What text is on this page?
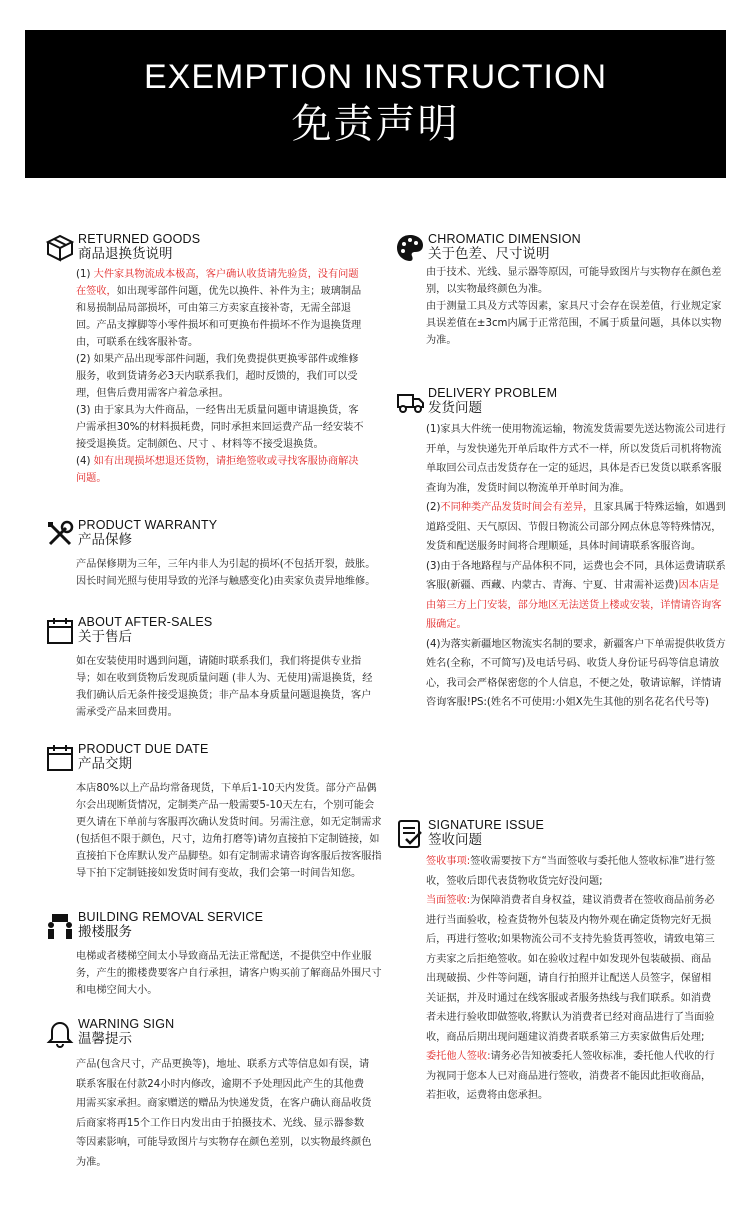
EXEMPTION INSTRUCTION
免责声明
RETURNED GOODS
商品退换货说明

(1) 大件家具物流成本极高，客户确认收货请先验货，没有问题在签收，如出现零部件问题，优先以换件、补件为主；玻璃制品和易损制品局部损坏，可由第三方卖家直接补寄，无需全部退回。产品支撑脚等小零件损坏和可更换布件损坏不作为退换货理由，可联系在线客服补寄。

(2) 如果产品出现零部件问题，我们免费提供更换零部件或维修服务，收到货请务必3天内联系我们，超时反馈的，我们可以受理，但售后费用需客户着急承担。

(3) 由于家具为大件商品，一经售出无质量问题申请退换货，客户需承担30%的材料损耗费，同时承担来回运费产品一经安装不接受退换货。定制颜色、尺寸 、材料等不接受退换货。

(4) 如有出现损坏想退还货物，请拒绝签收或寻找客服协商解决问题。

PRODUCT WARRANTY
产品保修

产品保修期为三年，三年内非人为引起的损坏(不包括开裂，鼓胀。因长时间光照与使用导致的光泽与触感变化)由卖家负责异地维修。

ABOUT AFTER-SALES
关于售后

如在安装使用时遇到问题，请随时联系我们，我们将提供专业指导；如在收到货物后发现质量问题 (非人为、无使用)需退换货，经我们确认后无条件接受退换货；非产品本身质量问题退换货，客户需承受产品来回费用。

PRODUCT DUE DATE
产品交期

本店80%以上产品均常备现货，下单后1-10天内发货。部分产品偶尔会出现断货情况，定制类产品一般需要5-10天左右，个别可能会更久请在下单前与客服再次确认发货时间。另需注意，如无定制需求(包括但不限于颜色，尺寸，边角打磨等)请勿直接拍下定制链接，如直接拍下仓库默认发产品脚垫。如有定制需求请咨询客服后按客服指导下拍下定制链接如发货时间有变故，我们会第一时间告知您。

BUILDING REMOVAL SERVICE
搬楼服务

电梯或者楼梯空间太小导致商品无法正常配送，不提供空中作业服务，产生的搬楼费要客户自行承担，请客户购买前了解商品外围尺寸和电梯空间大小。

WARNING SIGN
温馨提示

产品(包含尺寸，产品更换等)，地址、联系方式等信息如有误，请联系客服在付款24小时内修改，逾期不予处理因此产生的其他费用需买家承担。商家赠送的赠品为快递发货，在客户确认商品收货后商家将再15个工作日内发出由于拍摄技术、光线、显示器参数等因素影响，可能导致图片与实物存在颜色差别，以实物最终颜色为准。

CHROMATIC DIMENSION
关于色差、尺寸说明

由于技术、光线、显示器等原因，可能导致图片与实物存在颜色差别，以实物最终颜色为准。

由于测量工具及方式等因素，家具尺寸会存在误差值，行业规定家具误差值在±3cm内属于正常范围，不属于质量问题，具体以实物为准。

DELIVERY PROBLEM
发货问题

(1)家具大件统一使用物流运输，物流发货需要先送达物流公司进行开单，与发快递先开单后取件方式不一样，所以发货后司机将物流单取回公司点击发货存在一定的延迟，具体是否已发货以联系客服查询为准，发货时间以物流单开单时间为准。

(2)不同种类产品发货时间会有差异，且家具属于特殊运输，如遇到道路受阻、天气原因、节假日物流公司部分网点休息等特殊情况，发货和配送服务时间将合理顺延，具体时间请联系客服咨询。

(3)由于各地路程与产品体积不同，运费也会不同，具体运费请联系客服(新疆、西藏、内蒙古、青海、宁夏、甘肃需补运费)因本店是由第三方上门安装，部分地区无法送货上楼或安装，详情请咨询客服确定。

(4)为落实新疆地区物流实名制的要求，新疆客户下单需提供收货方姓名(全称，不可简写)及电话号码、收货人身份证号码等信息请放心，我司会严格保密您的个人信息，不便之处，敬请谅解，详情请咨询客服!PS:(姓名不可使用:小姐X先生其他的别名花名代号等)

SIGNATURE ISSUE
签收问题

签收事项:签收需要按下方“当面签收与委托他人签收标准”进行签收，签收后即代表货物收货完好没问题;

当面签收:为保障消费者自身权益，建议消费者在签收商品前务必进行当面验收，检查货物外包装及内物外观在确定货物完好无损后，再进行签收;如果物流公司不支持先验货再签收，请致电第三方卖家之后拒绝签收。如在验收过程中如发现外包装破损、商品出现破损、少件等问题，请自行拍照并让配送人员签字，保留相关证据，并及时通过在线客服或者服务热线与我们联系。如消费者未进行验收即做签收,将默认为消费者已经对商品进行了当面验收，商品后期出现问题建议消费者联系第三方卖家做售后处理;

委托他人签收:请务必告知被委托人签收标准，委托他人代收的行为视同于您本人已对商品进行签收，消费者不能因此拒收商品，若拒收，运费将由您承担。
